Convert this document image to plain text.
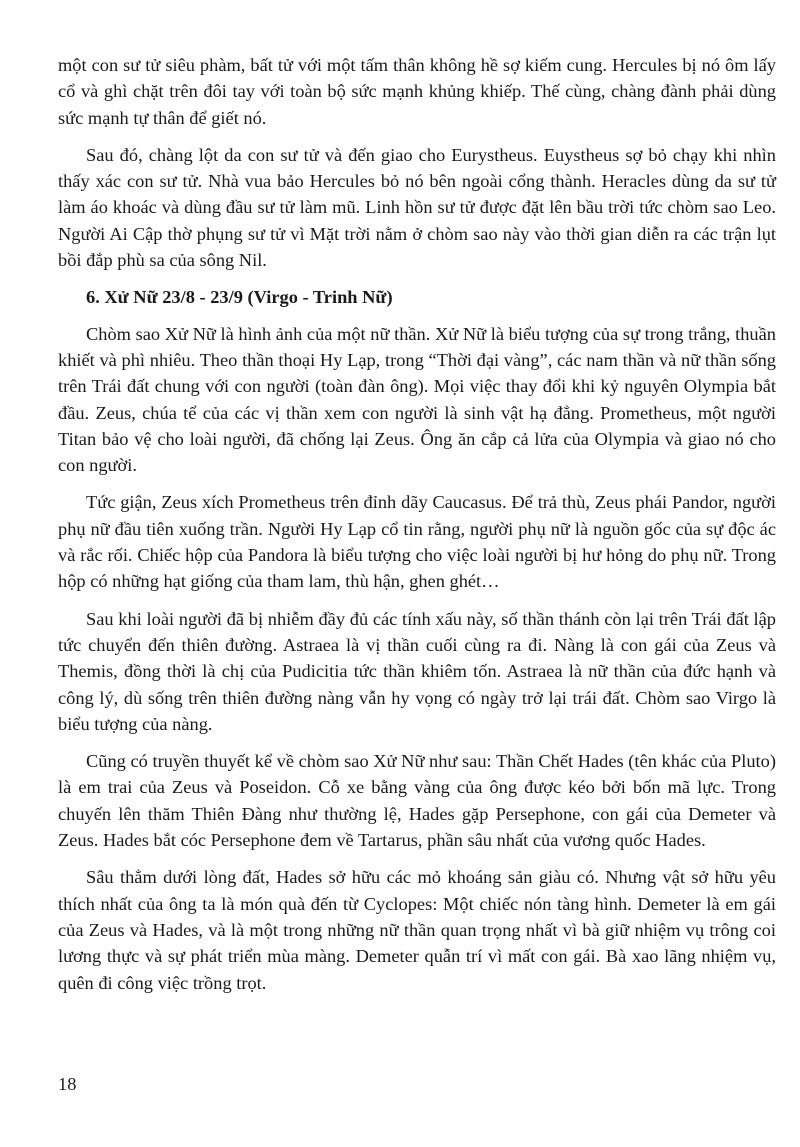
một con sư tử siêu phàm, bất tử với một tấm thân không hề sợ kiếm cung. Hercules bị nó ôm lấy cổ và ghì chặt trên đôi tay với toàn bộ sức mạnh khủng khiếp. Thế cùng, chàng đành phải dùng sức mạnh tự thân để giết nó.

Sau đó, chàng lột da con sư tử và đến giao cho Eurystheus. Euystheus sợ bỏ chạy khi nhìn thấy xác con sư tử. Nhà vua bảo Hercules bỏ nó bên ngoài cổng thành. Heracles dùng da sư tử làm áo khoác và dùng đầu sư tử làm mũ. Linh hồn sư tử được đặt lên bầu trời tức chòm sao Leo. Người Ai Cập thờ phụng sư tử vì Mặt trời nằm ở chòm sao này vào thời gian diễn ra các trận lụt bồi đắp phù sa của sông Nil.

6. Xử Nữ 23/8 - 23/9 (Virgo - Trinh Nữ)

Chòm sao Xử Nữ là hình ảnh của một nữ thần. Xử Nữ là biểu tượng của sự trong trắng, thuần khiết và phì nhiêu. Theo thần thoại Hy Lạp, trong “Thời đại vàng”, các nam thần và nữ thần sống trên Trái đất chung với con người (toàn đàn ông). Mọi việc thay đổi khi kỷ nguyên Olympia bắt đầu. Zeus, chúa tể của các vị thần xem con người là sinh vật hạ đẳng. Prometheus, một người Titan bảo vệ cho loài người, đã chống lại Zeus. Ông ăn cắp cả lửa của Olympia và giao nó cho con người.

Tức giận, Zeus xích Prometheus trên đỉnh dãy Caucasus. Để trả thù, Zeus phái Pandor, người phụ nữ đầu tiên xuống trần. Người Hy Lạp cổ tin rằng, người phụ nữ là nguồn gốc của sự độc ác và rắc rối. Chiếc hộp của Pandora là biểu tượng cho việc loài người bị hư hỏng do phụ nữ. Trong hộp có những hạt giống của tham lam, thù hận, ghen ghét…

Sau khi loài người đã bị nhiễm đầy đủ các tính xấu này, số thần thánh còn lại trên Trái đất lập tức chuyển đến thiên đường. Astraea là vị thần cuối cùng ra đi. Nàng là con gái của Zeus và Themis, đồng thời là chị của Pudicitia tức thần khiêm tốn. Astraea là nữ thần của đức hạnh và công lý, dù sống trên thiên đường nàng vẫn hy vọng có ngày trở lại trái đất. Chòm sao Virgo là biểu tượng của nàng.

Cũng có truyền thuyết kể về chòm sao Xử Nữ như sau: Thần Chết Hades (tên khác của Pluto) là em trai của Zeus và Poseidon. Cỗ xe bằng vàng của ông được kéo bởi bốn mã lực. Trong chuyến lên thăm Thiên Đàng như thường lệ, Hades gặp Persephone, con gái của Demeter và Zeus. Hades bắt cóc Persephone đem về Tartarus, phần sâu nhất của vương quốc Hades.

Sâu thẳm dưới lòng đất, Hades sở hữu các mỏ khoáng sản giàu có. Nhưng vật sở hữu yêu thích nhất của ông ta là món quà đến từ Cyclopes: Một chiếc nón tàng hình. Demeter là em gái của Zeus và Hades, và là một trong những nữ thần quan trọng nhất vì bà giữ nhiệm vụ trông coi lương thực và sự phát triển mùa màng. Demeter quẫn trí vì mất con gái. Bà xao lãng nhiệm vụ, quên đi công việc trồng trọt.

18
